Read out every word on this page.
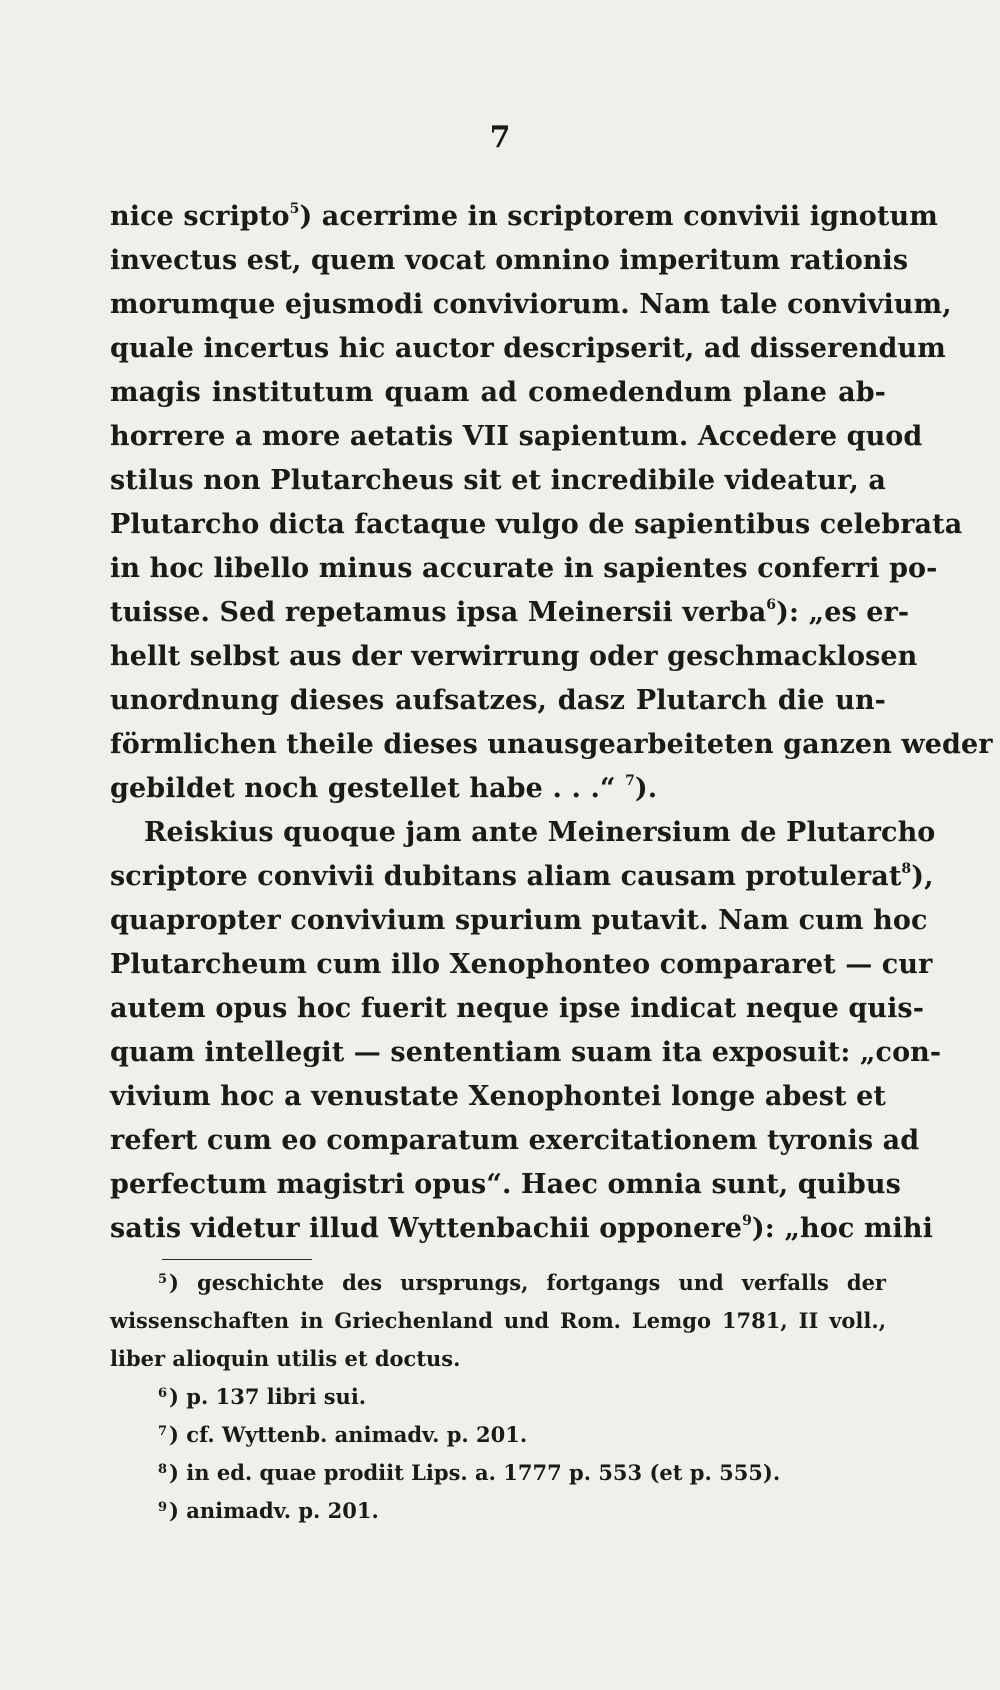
7
nice scripto$^5$) acerrime in scriptorem convivii ignotum
invectus est, quem vocat omnino imperitum rationis
morumque ejusmodi conviviorum. Nam tale convivium,
quale incertus hic auctor descripserit, ad disserendum
magis institutum quam ad comedendum plane ab-
horrere a more aetatis VII sapientum. Accedere quod
stilus non Plutarcheus sit et incredibile videatur, a
Plutarcho dicta factaque vulgo de sapientibus celebrata
in hoc libello minus accurate in sapientes conferri po-
tuisse. Sed repetamus ipsa Meinersii verba$^6$): „es er-
hellt selbst aus der verwirrung oder geschmacklosen
unordnung dieses aufsatzes, dasz Plutarch die un-
förmlichen theile dieses unausgearbeiteten ganzen weder
gebildet noch gestellet habe . . .“ $^7$).
Reiskius quoque jam ante Meinersium de Plutarcho
scriptore convivii dubitans aliam causam protulerat$^8$),
quapropter convivium spurium putavit. Nam cum hoc
Plutarcheum cum illo Xenophonteo compararet — cur
autem opus hoc fuerit neque ipse indicat neque quis-
quam intellegit — sententiam suam ita exposuit: „con-
vivium hoc a venustate Xenophontei longe abest et
refert cum eo comparatum exercitationem tyronis ad
perfectum magistri opus“. Haec omnia sunt, quibus
satis videtur illud Wyttenbachii opponere$^9$): „hoc mihi
$^5$) geschichte des ursprungs, fortgangs und verfalls der
wissenschaften in Griechenland und Rom. Lemgo 1781, II voll.,
liber alioquin utilis et doctus.
$^6$) p. 137 libri sui.
$^7$) cf. Wyttenb. animadv. p. 201.
$^8$) in ed. quae prodiit Lips. a. 1777 p. 553 (et p. 555).
$^9$) animadv. p. 201.
